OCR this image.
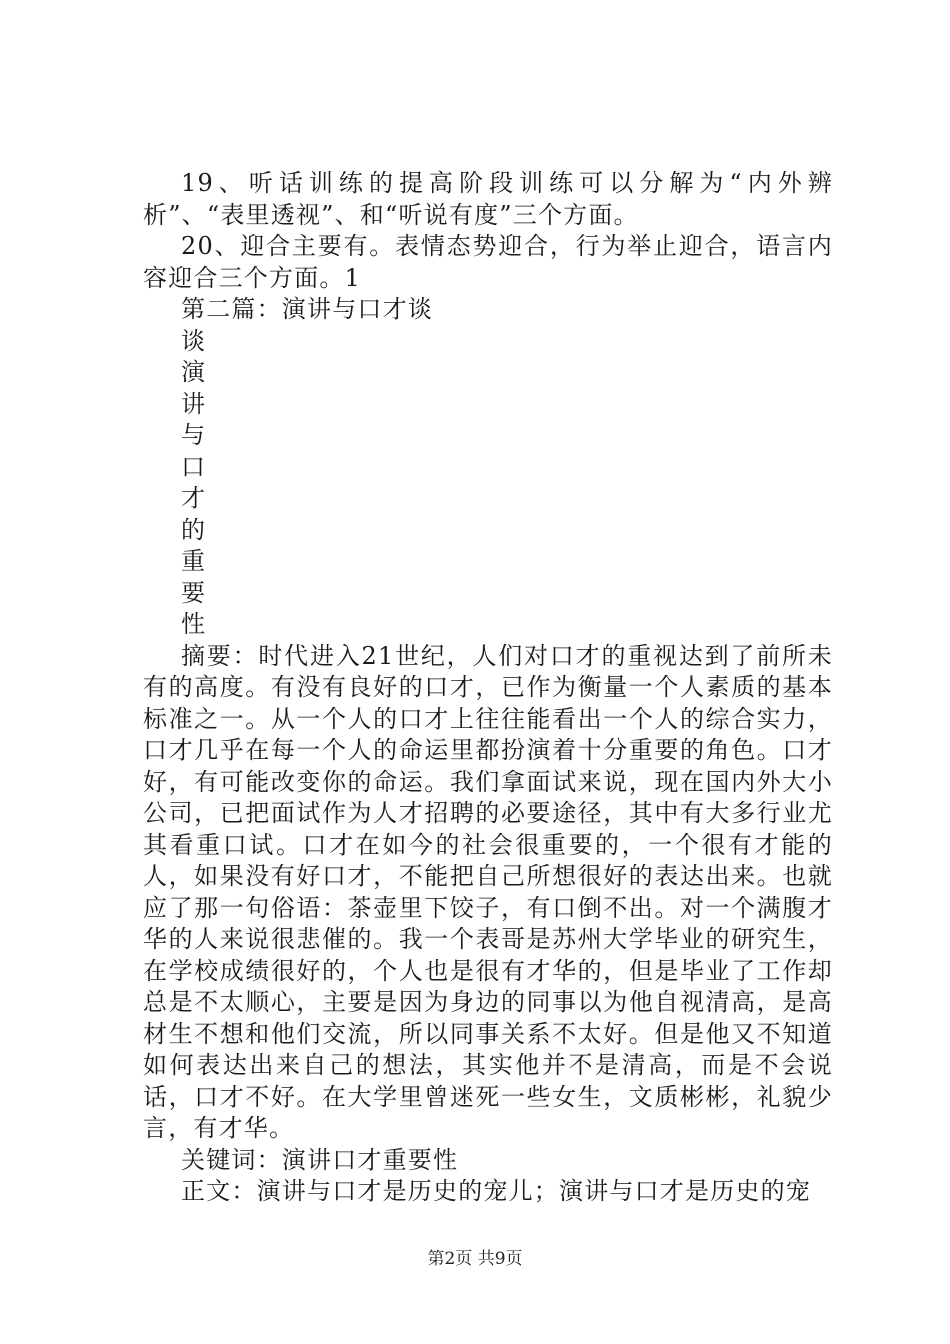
19、听话训练的提高阶段训练可以分解为“内外辨析”、“表里透视”、和“听说有度”三个方面。

20、迎合主要有。表情态势迎合，行为举止迎合，语言内容迎合三个方面。1

第二篇：演讲与口才谈

谈演讲与口才的重要性

摘要：时代进入21世纪，人们对口才的重视达到了前所未有的高度。有没有良好的口才，已作为衡量一个人素质的基本标准之一。从一个人的口才上往往能看出一个人的综合实力，口才几乎在每一个人的命运里都扮演着十分重要的角色。口才好，有可能改变你的命运。我们拿面试来说，现在国内外大小公司，已把面试作为人才招聘的必要途径，其中有大多行业尤其看重口试。口才在如今的社会很重要的，一个很有才能的人，如果没有好口才，不能把自己所想很好的表达出来。也就应了那一句俗语：茶壶里下饺子，有口倒不出。对一个满腹才华的人来说很悲催的。我一个表哥是苏州大学毕业的研究生，在学校成绩很好的，个人也是很有才华的，但是毕业了工作却总是不太顺心，主要是因为身边的同事以为他自视清高，是高材生不想和他们交流，所以同事关系不太好。但是他又不知道如何表达出来自己的想法，其实他并不是清高，而是不会说话，口才不好。在大学里曾迷死一些女生，文质彬彬，礼貌少言，有才华。

关键词：演讲口才重要性

正文：演讲与口才是历史的宠儿；演讲与口才是历史的宠

第2页 共9页
